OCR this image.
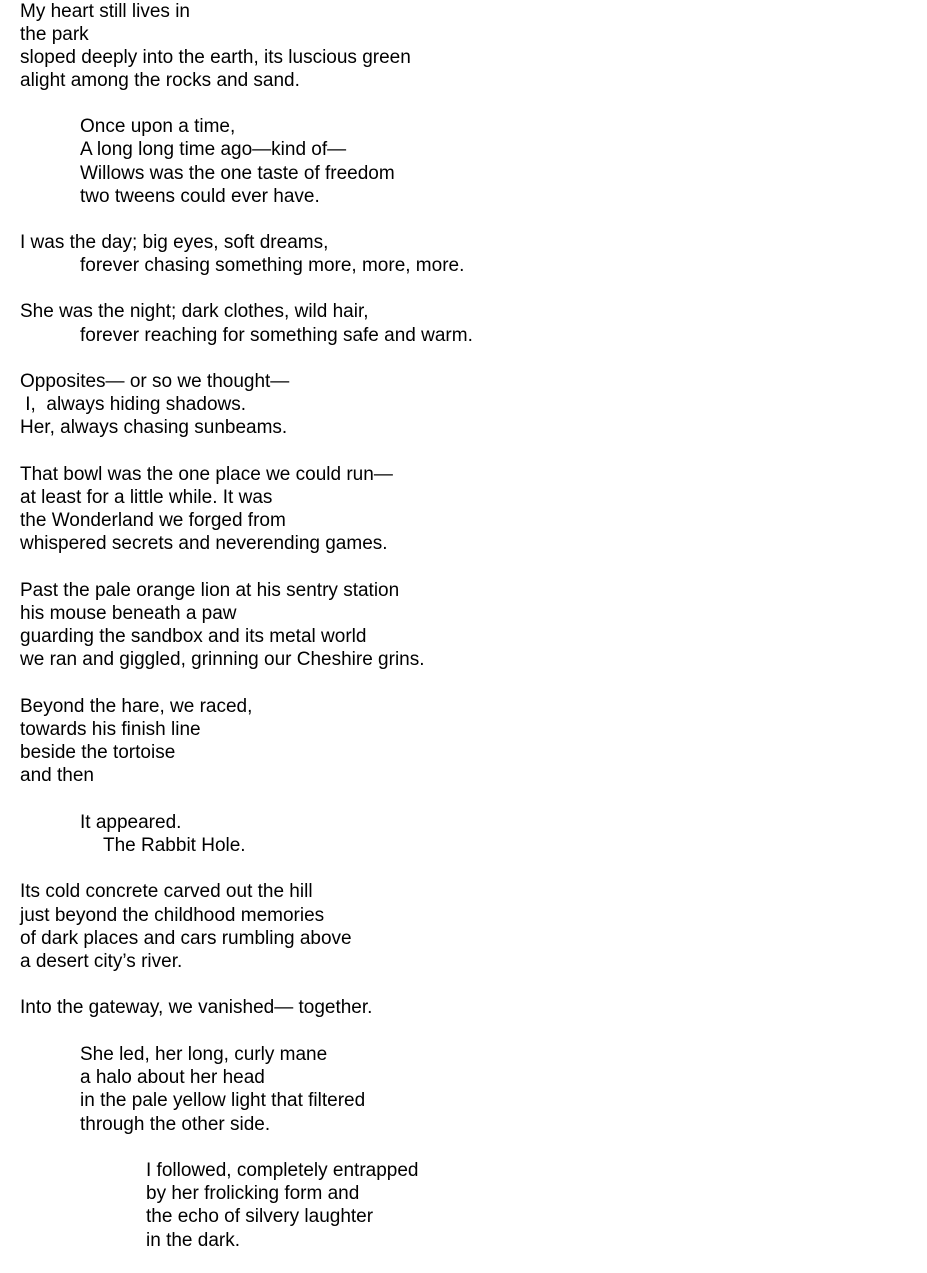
My heart still lives in
the park
sloped deeply into the earth, its luscious green
alight among the rocks and sand.
Once upon a time,
A long long time ago—kind of—
Willows was the one taste of freedom
two tweens could ever have.
I was the day; big eyes, soft dreams,
forever chasing something more, more, more.
She was the night; dark clothes, wild hair,
forever reaching for something safe and warm.
Opposites— or so we thought—
I,  always hiding shadows.
Her, always chasing sunbeams.
That bowl was the one place we could run—
at least for a little while. It was
the Wonderland we forged from
whispered secrets and neverending games.
Past the pale orange lion at his sentry station
his mouse beneath a paw
guarding the sandbox and its metal world
we ran and giggled, grinning our Cheshire grins.
Beyond the hare, we raced,
towards his finish line
beside the tortoise
and then
It appeared.
The Rabbit Hole.
Its cold concrete carved out the hill
just beyond the childhood memories
of dark places and cars rumbling above
a desert city’s river.
Into the gateway, we vanished— together.
She led, her long, curly mane
a halo about her head
in the pale yellow light that filtered
through the other side.
I followed, completely entrapped
by her frolicking form and
the echo of silvery laughter
in the dark.
